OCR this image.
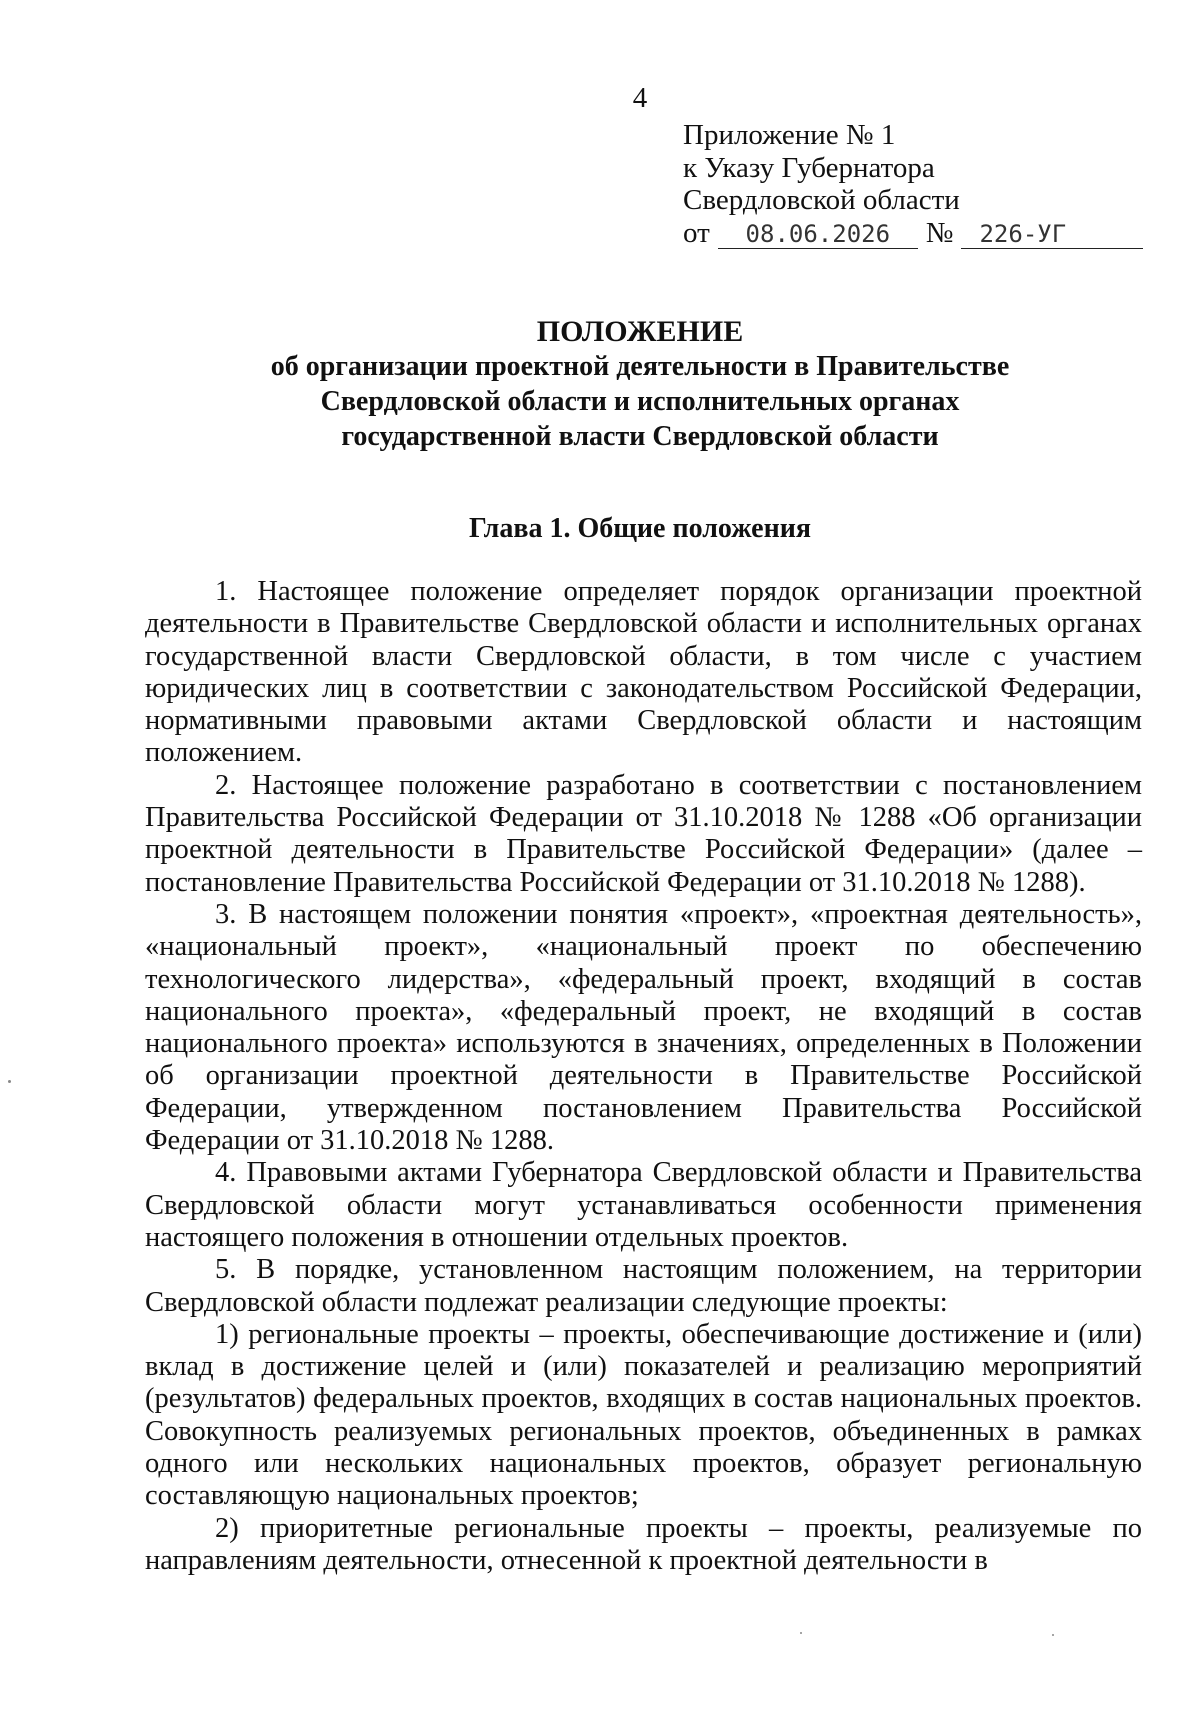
4
Приложение № 1
к Указу Губернатора
Свердловской области
от 08.06.2026 № 226-УГ
ПОЛОЖЕНИЕ
об организации проектной деятельности в Правительстве
Свердловской области и исполнительных органах
государственной власти Свердловской области
Глава 1. Общие положения

1. Настоящее положение определяет порядок организации проектной деятельности в Правительстве Свердловской области и исполнительных органах государственной власти Свердловской области, в том числе с участием юридических лиц в соответствии с законодательством Российской Федерации, нормативными правовыми актами Свердловской области и настоящим положением.

2. Настоящее положение разработано в соответствии с постановлением Правительства Российской Федерации от 31.10.2018 № 1288 «Об организации проектной деятельности в Правительстве Российской Федерации» (далее – постановление Правительства Российской Федерации от 31.10.2018 № 1288).

3. В настоящем положении понятия «проект», «проектная деятельность», «национальный проект», «национальный проект по обеспечению технологического лидерства», «федеральный проект, входящий в состав национального проекта», «федеральный проект, не входящий в состав национального проекта» используются в значениях, определенных в Положении об организации проектной деятельности в Правительстве Российской Федерации, утвержденном постановлением Правительства Российской Федерации от 31.10.2018 № 1288.

4. Правовыми актами Губернатора Свердловской области и Правительства Свердловской области могут устанавливаться особенности применения настоящего положения в отношении отдельных проектов.

5. В порядке, установленном настоящим положением, на территории Свердловской области подлежат реализации следующие проекты:

1) региональные проекты – проекты, обеспечивающие достижение и (или) вклад в достижение целей и (или) показателей и реализацию мероприятий (результатов) федеральных проектов, входящих в состав национальных проектов. Совокупность реализуемых региональных проектов, объединенных в рамках одного или нескольких национальных проектов, образует региональную составляющую национальных проектов;

2) приоритетные региональные проекты – проекты, реализуемые по направлениям деятельности, отнесенной к проектной деятельности в
